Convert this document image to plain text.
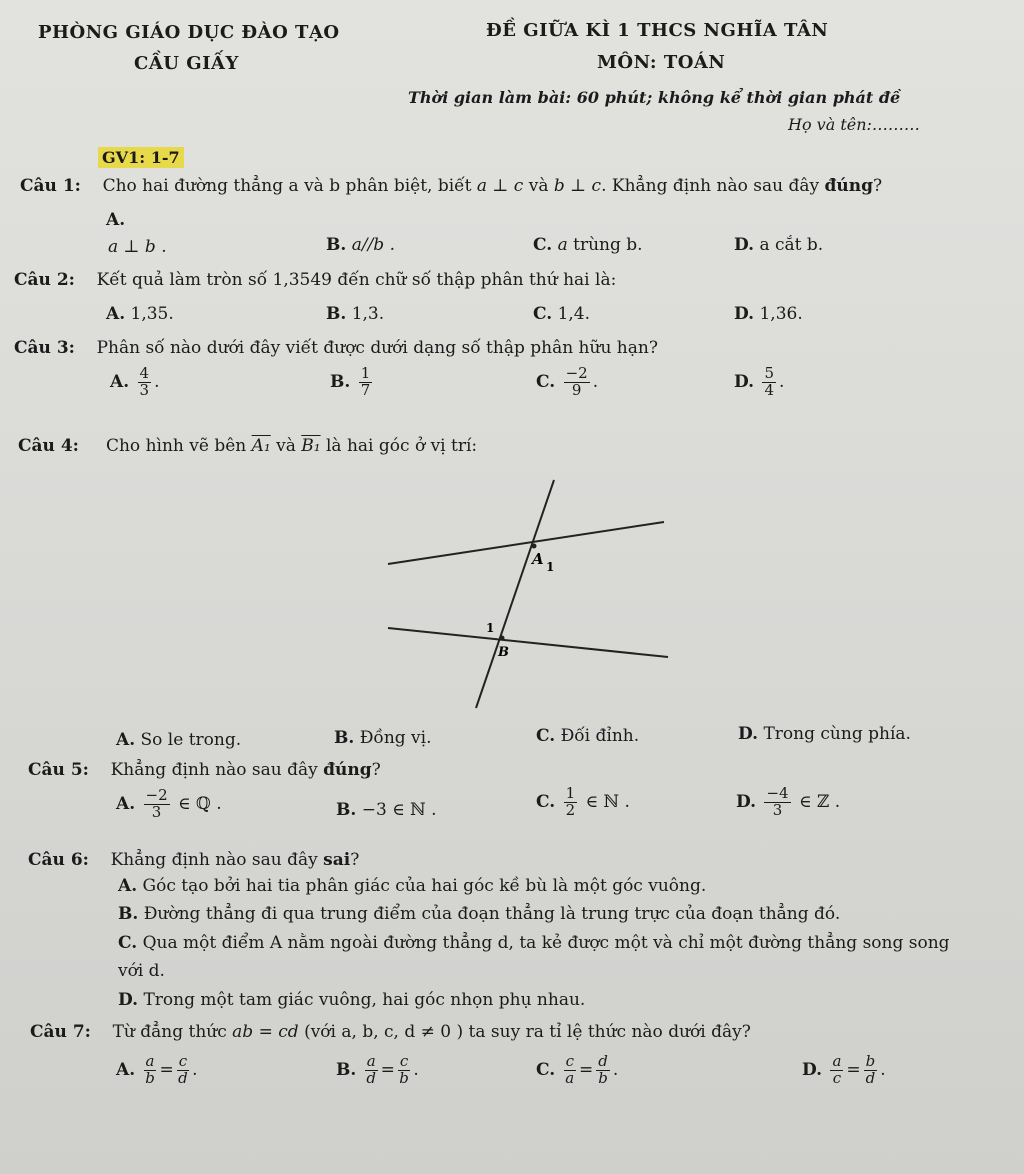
PHÒNG GIÁO DỤC ĐÀO TẠO
CẦU GIẤY
ĐỀ GIỮA KÌ 1 THCS NGHĨA TÂN
MÔN: TOÁN
Thời gian làm bài: 60 phút; không kể thời gian phát đề
Họ và tên:………
GV1: 1-7
Câu 1: Cho hai đường thẳng a và b phân biệt, biết a ⊥ c và b ⊥ c. Khẳng định nào sau đây đúng?
A.
a ⊥ b .	B. a//b .	C. a trùng b.	D. a cắt b.
Câu 2: Kết quả làm tròn số 1,3549 đến chữ số thập phân thứ hai là:
A. 1,35.	B. 1,3.	C. 1,4.	D. 1,36.
Câu 3: Phân số nào dưới đây viết được dưới dạng số thập phân hữu hạn?
A. $\frac{4}{3}$ .	B. $\frac{1}{7}$	C. $\frac{-2}{9}$ .	D. $\frac{5}{4}$ .
Câu 4: Cho hình vẽ bên A₁ và B₁ là hai góc ở vị trí:
A 1
1
B
A. So le trong.	B. Đồng vị.	C. Đối đỉnh.	D. Trong cùng phía.
Câu 5: Khẳng định nào sau đây đúng?
A. $\frac{-2}{3}$ ∈ ℚ .	B. −3 ∈ ℕ .	C. $\frac{1}{2}$ ∈ ℕ .	D. $\frac{-4}{3}$ ∈ ℤ .
Câu 6: Khẳng định nào sau đây sai?
A. Góc tạo bởi hai tia phân giác của hai góc kề bù là một góc vuông.
B. Đường thẳng đi qua trung điểm của đoạn thẳng là trung trực của đoạn thẳng đó.
C. Qua một điểm A nằm ngoài đường thẳng d, ta kẻ được một và chỉ một đường thẳng song song
với d.
D. Trong một tam giác vuông, hai góc nhọn phụ nhau.
Câu 7: Từ đẳng thức ab = cd (với a, b, c, d ≠ 0 ) ta suy ra tỉ lệ thức nào dưới đây?
A. $\frac{a}{b} = \frac{c}{d}$ .	B. $\frac{a}{d} = \frac{c}{b}$ .	C. $\frac{c}{a} = \frac{d}{b}$ .	D. $\frac{a}{c} = \frac{b}{d}$ .
